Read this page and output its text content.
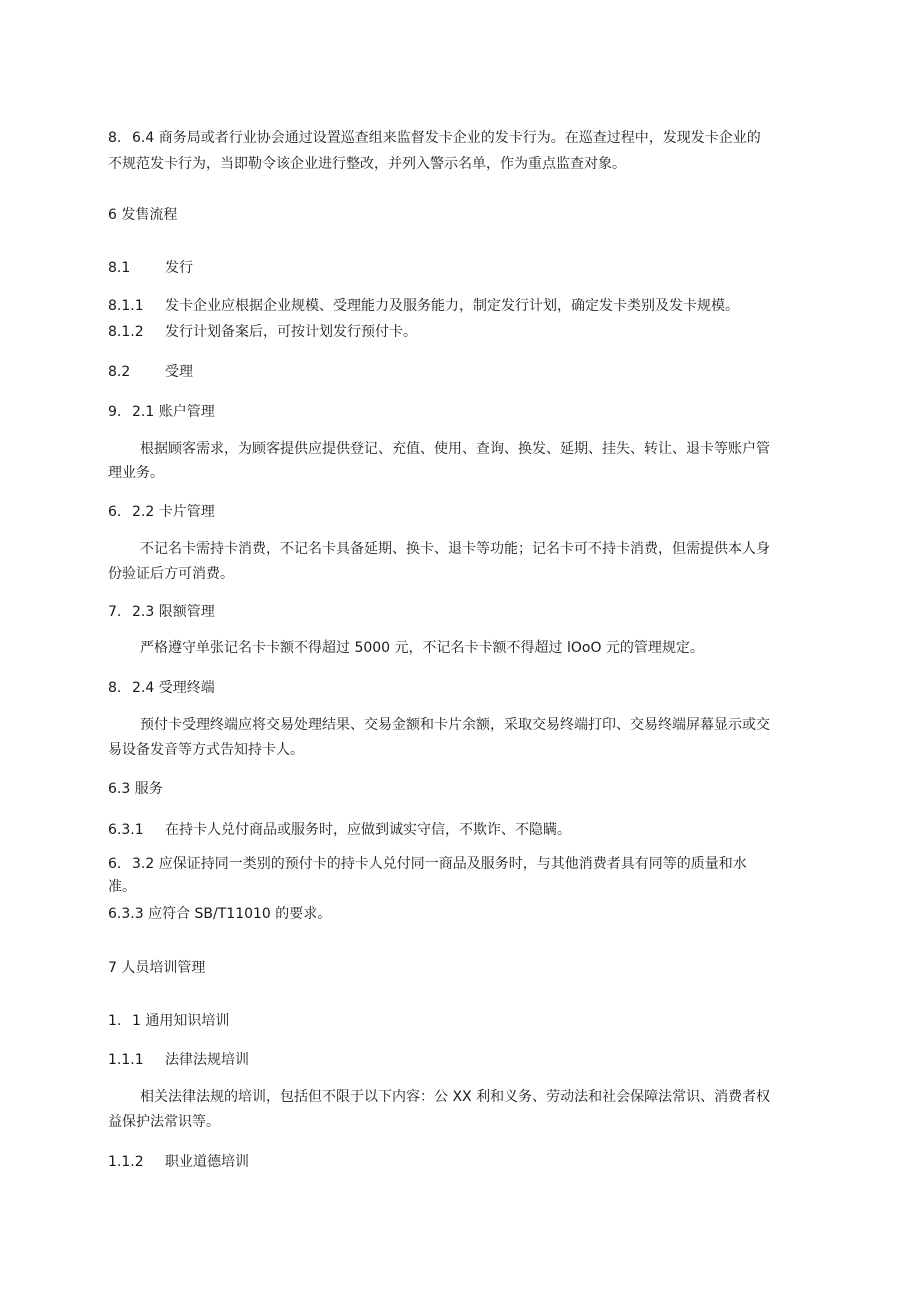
8. 6.4 商务局或者行业协会通过设置巡查组来监督发卡企业的发卡行为。在巡查过程中，发现发卡企业的
不规范发卡行为，当即勒令该企业进行整改，并列入警示名单，作为重点监查对象。
6 发售流程
8.1 发行
8.1.1 发卡企业应根据企业规模、受理能力及服务能力，制定发行计划，确定发卡类别及发卡规模。
8.1.2 发行计划备案后，可按计划发行预付卡。
8.2 受理
9. 2.1 账户管理
根据顾客需求，为顾客提供应提供登记、充值、使用、查询、换发、延期、挂失、转让、退卡等账户管
理业务。
6. 2.2 卡片管理
不记名卡需持卡消费，不记名卡具备延期、换卡、退卡等功能；记名卡可不持卡消费，但需提供本人身
份验证后方可消费。
7. 2.3 限额管理
严格遵守单张记名卡卡额不得超过 5000 元，不记名卡卡额不得超过 lOoO 元的管理规定。
8. 2.4 受理终端
预付卡受理终端应将交易处理结果、交易金额和卡片余额，采取交易终端打印、交易终端屏幕显示或交
易设备发音等方式告知持卡人。
6.3 服务
6.3.1 在持卡人兑付商品或服务时，应做到诚实守信，不欺诈、不隐瞒。
6. 3.2 应保证持同一类别的预付卡的持卡人兑付同一商品及服务时，与其他消费者具有同等的质量和水
准。
6.3.3 应符合 SB/T11010 的要求。
7 人员培训管理
1. 1 通用知识培训
1.1.1 法律法规培训
相关法律法规的培训，包括但不限于以下内容：公 XX 利和义务、劳动法和社会保障法常识、消费者权
益保护法常识等。
1.1.2 职业道德培训
